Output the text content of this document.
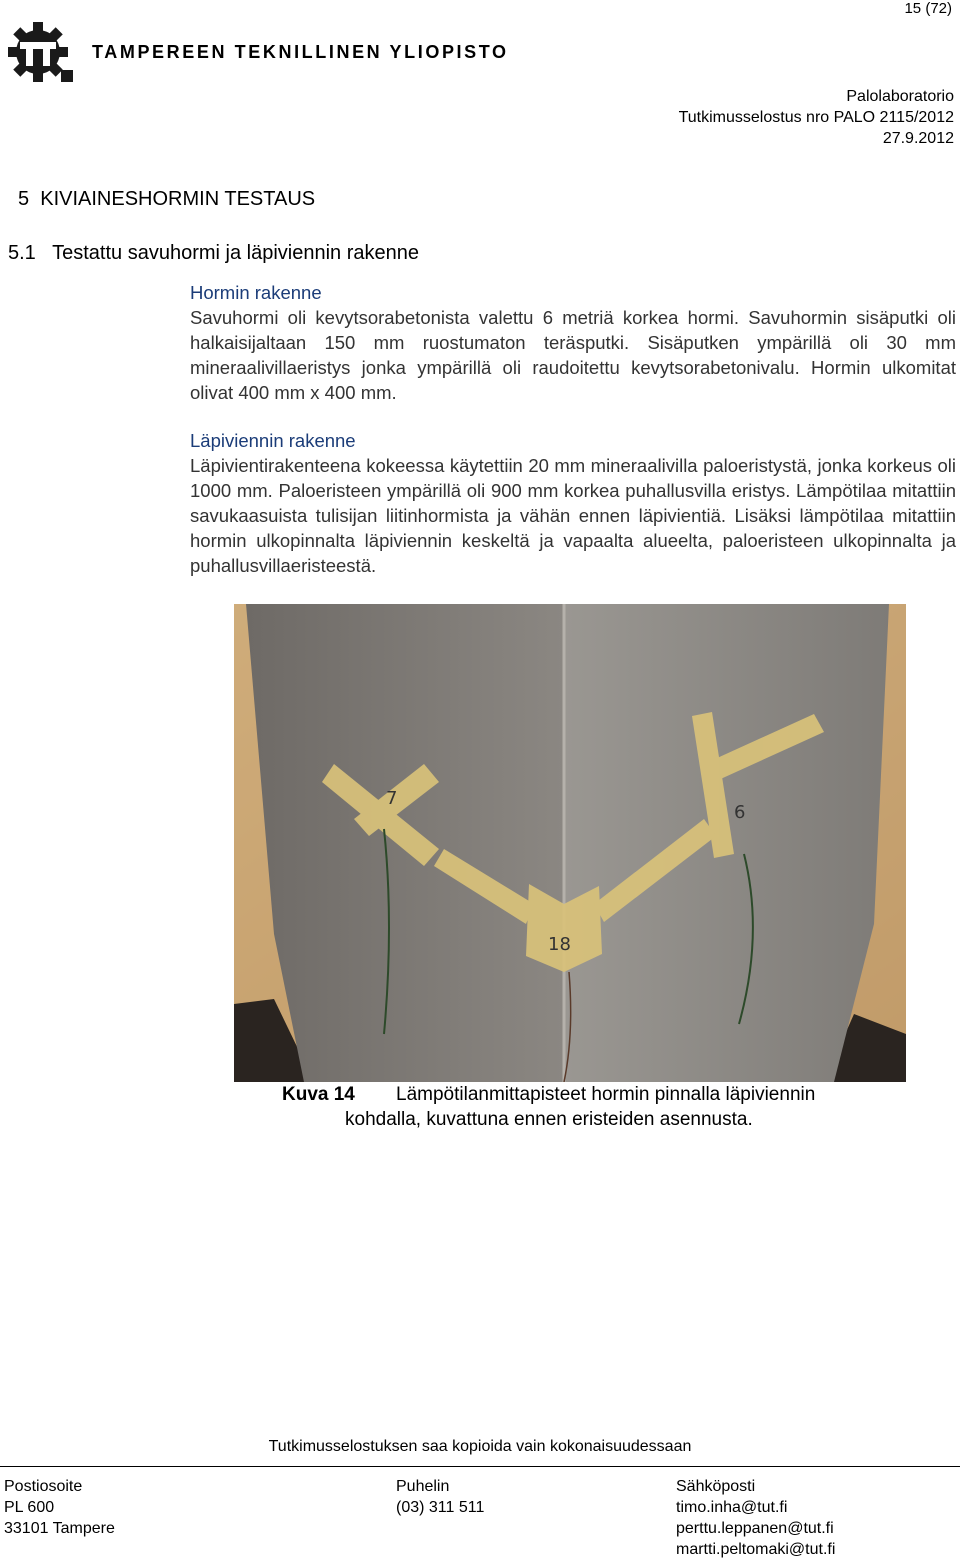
15 (72)
TAMPEREEN TEKNILLINEN YLIOPISTO
Palolaboratorio
Tutkimusselostus nro PALO 2115/2012
27.9.2012
5  KIVIAINESHORMIN TESTAUS
5.1   Testattu savuhormi ja läpiviennin rakenne
Hormin rakenne

Savuhormi oli kevytsorabetonista valettu 6 metriä korkea hormi. Savuhormin sisäputki oli halkaisijaltaan 150 mm ruostumaton teräsputki. Sisäputken ympärillä oli 30 mm mineraalivillaeristys jonka ympärillä oli raudoitettu kevytsorabetonivalu. Hormin ulkomitat olivat 400 mm x 400 mm.

Läpiviennin rakenne

Läpivientirakenteena kokeessa käytettiin 20 mm mineraalivilla paloeristystä, jonka korkeus oli 1000 mm. Paloeristeen ympärillä oli 900 mm korkea puhallusvilla eristys. Lämpötilaa mitattiin savukaasuista tulisijan liitinhormista ja vähän ennen läpivientiä. Lisäksi lämpötilaa mitattiin hormin ulkopinnalta läpiviennin keskeltä ja vapaalta alueelta, paloeristeen ulkopinnalta ja puhallusvillaeristeestä.

7
6
18
Kuva 14 Lämpötilanmittapisteet hormin pinnalla läpiviennin
kohdalla, kuvattuna ennen eristeiden asennusta.
Tutkimusselostuksen saa kopioida vain kokonaisuudessaan
Postiosoite
PL 600
33101 Tampere
Puhelin
(03) 311 511
Sähköposti
timo.inha@tut.fi
perttu.leppanen@tut.fi
martti.peltomaki@tut.fi
